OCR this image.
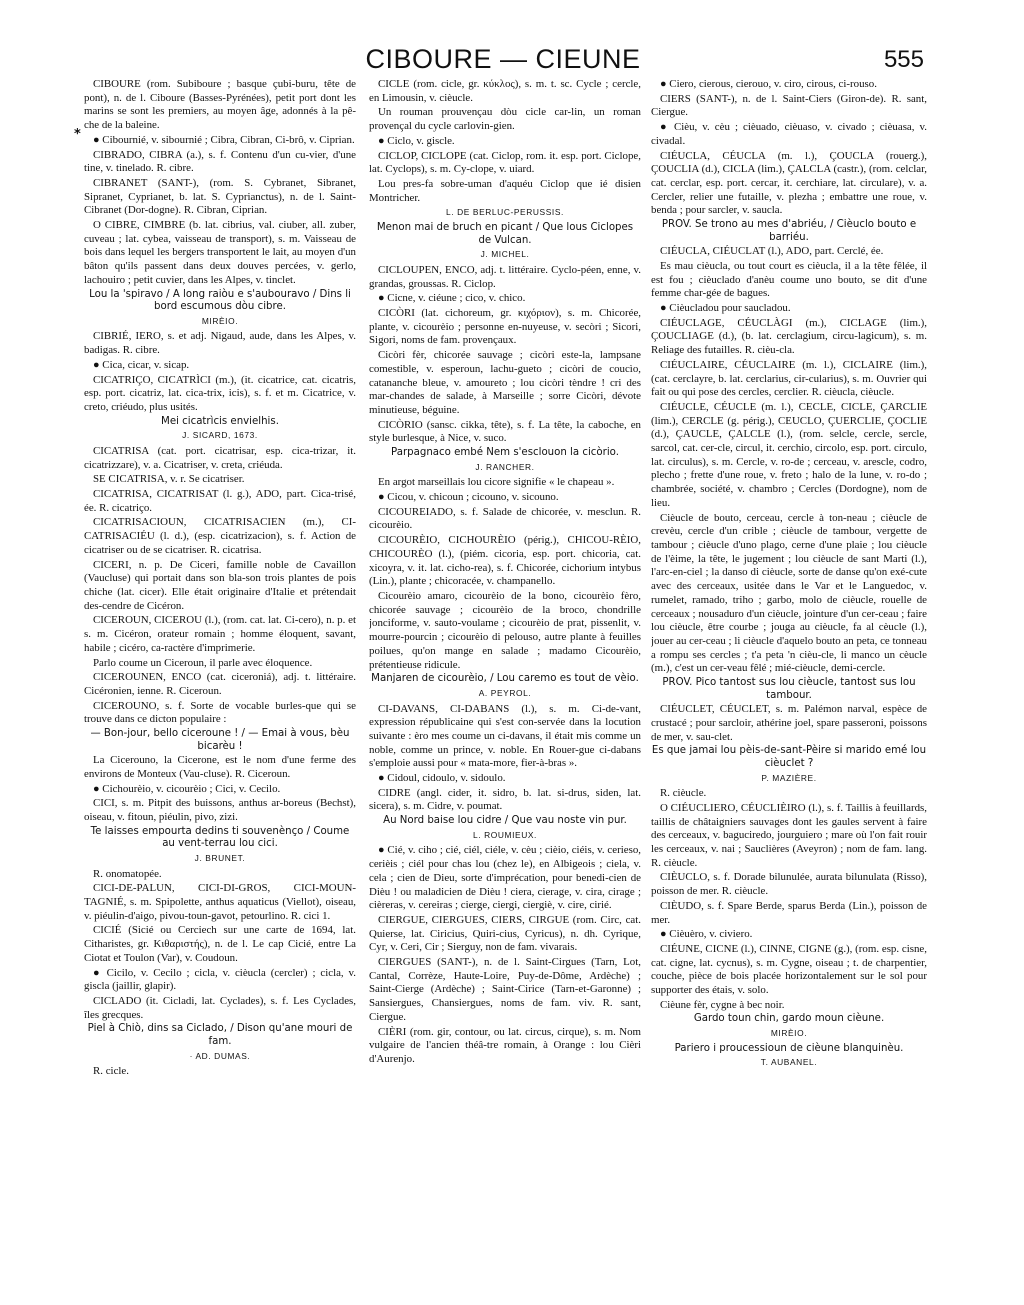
CIBOURE — CIEUNE	555
*

CIBOURE (rom. Subiboure ; basque çubi-buru, tête de pont), n. de l. Ciboure (Basses-Pyrénées), petit port dont les marins se sont les premiers, au moyen âge, adonnés à la pê-che de la baleine.

● Cibournié, v. sibournié ; Cibra, Cibran, Ci-brô, v. Ciprian.

CIBRADO, CIBRA (a.), s. f. Contenu d'un cu-vier, d'une tine, v. tinelado. R. cibre.

CIBRANET (SANT-), (rom. S. Cybranet, Sibranet, Sipranet, Cyprianet, b. lat. S. Cyprianctus), n. de l. Saint-Cibranet (Dor-dogne). R. Cibran, Ciprian.

O CIBRE, CIMBRE (b. lat. cibrius, val. ciuber, all. zuber, cuveau ; lat. cybea, vaisseau de transport), s. m. Vaisseau de bois dans lequel les bergers transportent le lait, au moyen d'un bâton qu'ils passent dans deux douves percées, v. gerlo, lachouiro ; petit cuvier, dans les Alpes, v. tinclet.

Lou la 'spiravo / A long raiòu e s'aubouravo / Dins li bord escumous dòu cibre.

MIRÈIO.

CIBRIÉ, IERO, s. et adj. Nigaud, aude, dans les Alpes, v. badigas. R. cibre.

● Cica, cicar, v. sicap.

CICATRIÇO, CICATRÌCI (m.), (it. cicatrice, cat. cicatris, esp. port. cicatriz, lat. cica-trix, icis), s. f. et m. Cicatrice, v. creto, criéudo, plus usités.

Mei cicatrìcis envielhis.

J. SICARD, 1673.

CICATRISA (cat. port. cicatrisar, esp. cica-trizar, it. cicatrizzare), v. a. Cicatriser, v. creta, criéuda.

SE CICATRISA, v. r. Se cicatriser.

CICATRISA, CICATRISAT (l. g.), ADO, part. Cica-trisé, ée. R. cicatriço.

CICATRISACIOUN, CICATRISACIEN (m.), CI-CATRISACIÉU (l. d.), (esp. cicatrizacion), s. f. Action de cicatriser ou de se cicatriser. R. cicatrisa.

CICERI, n. p. De Ciceri, famille noble de Cavaillon (Vaucluse) qui portait dans son bla-son trois plantes de pois chiche (lat. cicer). Elle était originaire d'Italie et prétendait des-cendre de Cicéron.

CICEROUN, CICEROU (l.), (rom. cat. lat. Ci-cero), n. p. et s. m. Cicéron, orateur romain ; homme éloquent, savant, habile ; cicéro, ca-ractère d'imprimerie.

Parlo coume un Ciceroun, il parle avec éloquence.

CICEROUNEN, ENCO (cat. ciceroniá), adj. t. littéraire. Cicéronien, ienne. R. Ciceroun.

CICEROUNO, s. f. Sorte de vocable burles-que qui se trouve dans ce dicton populaire :

— Bon-jour, bello ciceroune ! / — Emai à vous, bèu bicarèu !

La Cicerouno, la Cicerone, est le nom d'une ferme des environs de Monteux (Vau-cluse). R. Ciceroun.

● Cichourèio, v. cicourèio ; Cici, v. Cecilo.

CICI, s. m. Pitpit des buissons, anthus ar-boreus (Bechst), oiseau, v. fitoun, piéulin, pivo, zizi.

Te laisses empourta dedins ti souvenènço / Coume au vent-terrau lou cici.

J. BRUNET.

R. onomatopée.

CICI-DE-PALUN, CICI-DI-GROS, CICI-MOUN-TAGNIÉ, s. m. Spipolette, anthus aquaticus (Viellot), oiseau, v. piéulin-d'aigo, pivou-toun-gavot, petourlino. R. cici 1.

CICIÉ (Sicié ou Cerciech sur une carte de 1694, lat. Citharistes, gr. Κιθαριστής), n. de l. Le cap Cicié, entre La Ciotat et Toulon (Var), v. Coudoun.

● Cicilo, v. Cecilo ; cicla, v. cièucla (cercler) ; cicla, v. giscla (jaillir, glapir).

CICLADO (it. Cicladi, lat. Cyclades), s. f. Les Cyclades, îles grecques.

Piel à Chiò, dins sa Ciclado, / Dison qu'ane mouri de fam.

· AD. DUMAS.

R. cicle.

CICLE (rom. cicle, gr. κύκλος), s. m. t. sc. Cycle ; cercle, en Limousin, v. cièucle.

Un rouman prouvençau dòu cicle car-lin, un roman provençal du cycle carlovin-gien.

● Ciclo, v. giscle.

CICLOP, CICLOPE (cat. Ciclop, rom. it. esp. port. Ciclope, lat. Cyclops), s. m. Cy-clope, v. uiard.

Lou pres-fa sobre-uman d'aquéu Ciclop que ié disien Montricher.

L. DE BERLUC-PERUSSIS.

Menon mai de bruch en picant / Que lous Ciclopes de Vulcan.

J. MICHEL.

CICLOUPEN, ENCO, adj. t. littéraire. Cyclo-péen, enne, v. grandas, groussas. R. Ciclop.

● Cicne, v. ciéune ; cico, v. chico.

CICÒRI (lat. cichoreum, gr. κιχόριον), s. m. Chicorée, plante, v. cicourèio ; personne en-nuyeuse, v. secòri ; Sicori, Sigori, noms de fam. provençaux.

Cicòri fèr, chicorée sauvage ; cicòri este-la, lampsane comestible, v. esperoun, lachu-gueto ; cicòri de coucìo, catananche bleue, v. amoureto ; lou cicòri tèndre ! cri des mar-chandes de salade, à Marseille ; sorre Cicòri, dévote minutieuse, béguine.

CICÒRIO (sansc. cikka, tête), s. f. La tête, la caboche, en style burlesque, à Nice, v. suco.

Parpagnaco embé Nem s'esclouon la cicòrio.

J. RANCHER.

En argot marseillais lou cicore signifie « le chapeau ».

● Cicou, v. chicoun ; cicouno, v. sicouno.

CICOUREIADO, s. f. Salade de chicorée, v. mesclun. R. cicourèio.

CICOURÈIO, CICHOURÈIO (périg.), CHICOU-RÈIO, CHICOURÈO (l.), (piém. cicoria, esp. port. chicoria, cat. xicoyra, v. it. lat. cicho-rea), s. f. Chicorée, cichorium intybus (Lin.), plante ; chicoracée, v. champanello.

Cicourèio amaro, cicourèio de la bono, cicourèio fèro, chicorée sauvage ; cicourèio de la broco, chondrille jonciforme, v. sauto-voulame ; cicourèio de prat, pissenlit, v. mourre-pourcin ; cicourèio di pelouso, autre plante à feuilles poilues, qu'on mange en salade ; madamo Cicourèio, prétentieuse ridicule.

Manjaren de cicourèio, / Lou caremo es tout de vèio.

A. PEYROL.

CI-DAVANS, CI-DABANS (l.), s. m. Ci-de-vant, expression républicaine qui s'est con-servée dans la locution suivante : èro mes coume un ci-davans, il était mis comme un noble, comme un prince, v. noble. En Rouer-gue ci-dabans s'emploie aussi pour « mata-more, fier-à-bras ».

● Cidoul, cidoulo, v. sidoulo.

CIDRE (angl. cider, it. sidro, b. lat. si-drus, siden, lat. sicera), s. m. Cidre, v. poumat.

Au Nord baise lou cidre / Que vau noste vin pur.

L. ROUMIEUX.

● Cié, v. ciho ; cié, ciél, ciéle, v. cèu ; cièio, ciéis, v. cerieso, cerièis ; ciél pour chas lou (chez le), en Albigeois ; ciela, v. cela ; cien de Dieu, sorte d'imprécation, pour benedi-cien de Dièu ! ou maladicien de Dièu ! ciera, cierage, v. cira, cirage ; cièreras, v. cereiras ; cierge, ciergi, ciergiè, v. cire, cirié.

CIERGUE, CIERGUES, CIERS, CIRGUE (rom. Circ, cat. Quierse, lat. Ciricius, Quiri-cius, Cyricus), n. dh. Cyrique, Cyr, v. Ceri, Cir ; Sierguy, non de fam. vivarais.

CIERGUES (SANT-), n. de l. Saint-Cirgues (Tarn, Lot, Cantal, Corrèze, Haute-Loire, Puy-de-Dôme, Ardèche) ; Saint-Cierge (Ardèche) ; Saint-Cirice (Tarn-et-Garonne) ; Sansiergues, Chansiergues, noms de fam. viv. R. sant, Ciergue.

CIÈRI (rom. gir, contour, ou lat. circus, cirque), s. m. Nom vulgaire de l'ancien théâ-tre romain, à Orange : lou Cièri d'Aurenjo.

● Ciero, cierous, cierouo, v. ciro, cirous, ci-rouso.

CIERS (SANT-), n. de l. Saint-Ciers (Giron-de). R. sant, Ciergue.

● Cièu, v. cèu ; cièuado, cièuaso, v. civado ; cièuasa, v. civadal.

CIÉUCLA, CÉUCLA (m. l.), ÇOUCLA (rouerg.), ÇOUCLIA (d.), CICLA (lim.), ÇALCLA (castr.), (rom. celclar, cat. cerclar, esp. port. cercar, it. cerchiare, lat. circulare), v. a. Cercler, relier une futaille, v. plezha ; embattre une roue, v. benda ; pour sarcler, v. saucla.

PROV. Se trono au mes d'abriéu, / Cièuclo bouto e barriéu.

CIÉUCLA, CIÉUCLAT (l.), ADO, part. Cerclé, ée.

Es mau cièucla, ou tout court es cièucla, il a la tête fêlée, il est fou ; cièuclado d'anèu coume uno bouto, se dit d'une femme char-gée de bagues.

● Cièucladou pour saucladou.

CIÉUCLAGE, CÉUCLÀGI (m.), CICLAGE (lim.), ÇOUCLIAGE (d.), (b. lat. cerclagium, circu-lagicum), s. m. Reliage des futailles. R. cièu-cla.

CIÉUCLAIRE, CÉUCLAIRE (m. l.), CICLAIRE (lim.), (cat. cerclayre, b. lat. cerclarius, cir-cularius), s. m. Ouvrier qui fait ou qui pose des cercles, cerclier. R. cièucla, cièucle.

CIÉUCLE, CÉUCLE (m. l.), CECLE, CICLE, ÇARCLIE (lim.), CERCLE (g. périg.), CEUCLO, ÇUERCLIE, ÇOCLIE (d.), ÇAUCLE, ÇALCLE (l.), (rom. selcle, cercle, sercle, sarcol, cat. cer-cle, circul, it. cerchio, circolo, esp. port. circulo, lat. circulus), s. m. Cercle, v. ro-de ; cerceau, v. arescle, codro, plecho ; frette d'une roue, v. freto ; halo de la lune, v. ro-do ; chambrée, société, v. chambro ; Cercles (Dordogne), nom de lieu.

Cièucle de bouto, cerceau, cercle à ton-neau ; cièucle de crevèu, cercle d'un crible ; cièucle de tambour, vergette de tambour ; cièucle d'uno plago, cerne d'une plaie ; lou cièucle de l'èime, la tête, le jugement ; lou cièucle de sant Marti (l.), l'arc-en-ciel ; la danso di cièucle, sorte de danse qu'on exé-cute avec des cerceaux, usitée dans le Var et le Languedoc, v. rumelet, ramado, triho ; garbo, molo de cièucle, rouelle de cerceaux ; nousaduro d'un cièucle, jointure d'un cer-ceau ; faire lou cièucle, être courbe ; jouga au cièucle, fa al cèucle (l.), jouer au cer-ceau ; li cièucle d'aquelo bouto an peta, ce tonneau a rompu ses cercles ; t'a peta 'n cièu-cle, li manco un cèucle (m.), c'est un cer-veau fêlé ; mié-cièucle, demi-cercle.

PROV. Pico tantost sus lou cièucle, tantost sus lou tambour.

CIÉUCLET, CÉUCLET, s. m. Palémon narval, espèce de crustacé ; pour sarcloir, athérine joel, spare passeroni, poissons de mer, v. sau-clet.

Es que jamai lou pèis-de-sant-Pèire si marido emé lou cièuclet ?

P. MAZIÈRE.

R. cièucle.

O CIÉUCLIERO, CÉUCLIÈIRO (l.), s. f. Taillis à feuillards, taillis de châtaigniers sauvages dont les gaules servent à faire des cerceaux, v. baguciredo, jourguiero ; mare où l'on fait rouir les cerceaux, v. nai ; Sauclières (Aveyron) ; nom de fam. lang. R. cièucle.

CIÈUCLO, s. f. Dorade bilunulée, aurata bilunulata (Risso), poisson de mer. R. cièucle.

CIÈUDO, s. f. Spare Berde, sparus Berda (Lin.), poisson de mer.

● Cièuèro, v. civiero.

CIÉUNE, CICNE (l.), CINNE, CIGNE (g.), (rom. esp. cisne, cat. cigne, lat. cycnus), s. m. Cygne, oiseau ; t. de charpentier, couche, pièce de bois placée horizontalement sur le sol pour supporter des étais, v. solo.

Cièune fèr, cygne à bec noir.

Gardo toun chin, gardo moun cièune.

MIRÈIO.

Pariero i proucessioun de cièune blanquinèu.

T. AUBANEL.
